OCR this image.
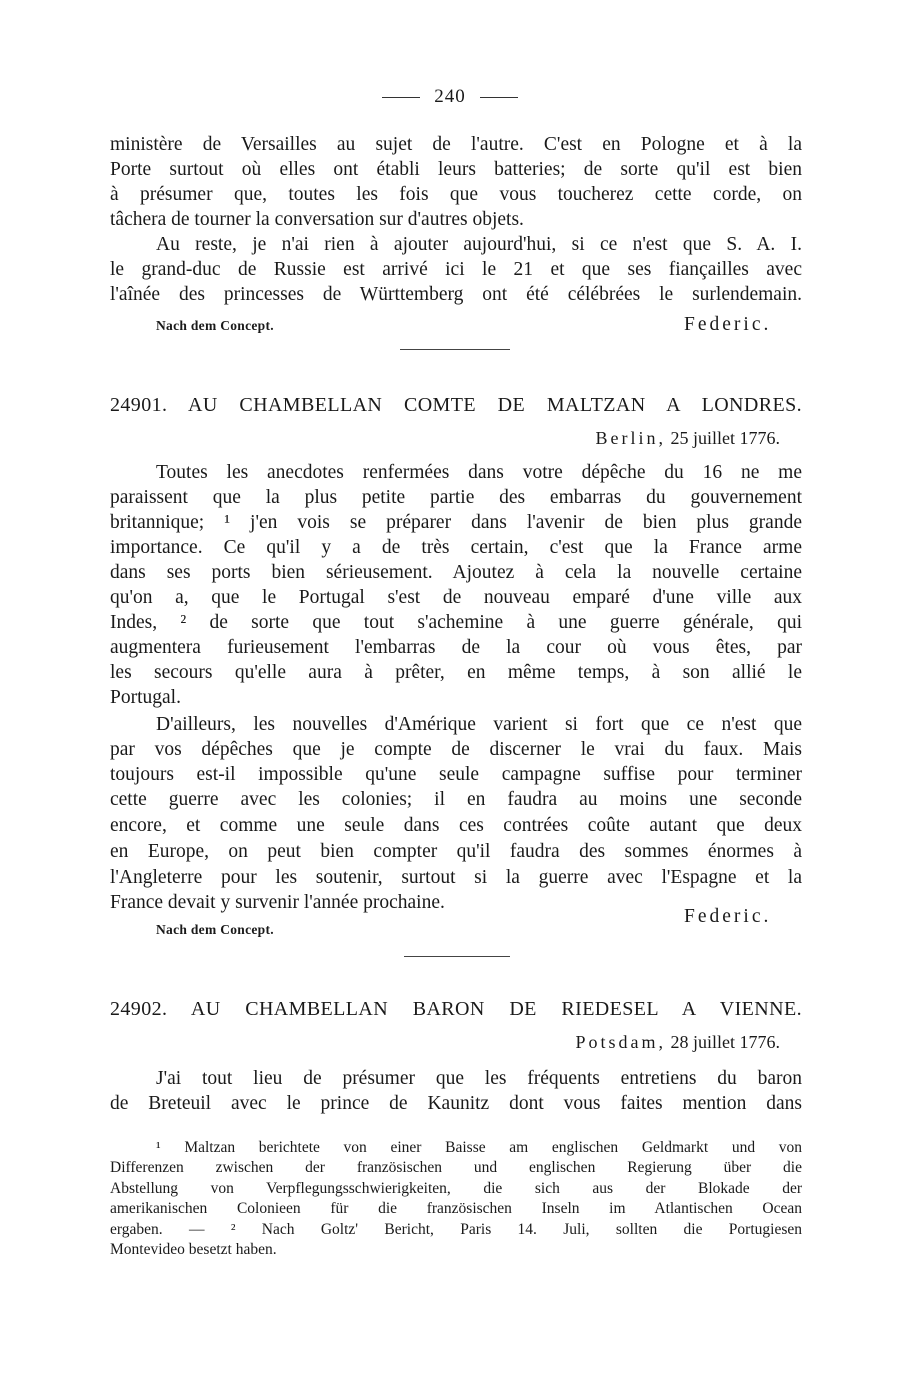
240
ministère de Versailles au sujet de l'autre. C'est en Pologne et à la
Porte surtout où elles ont établi leurs batteries; de sorte qu'il est bien
à présumer que, toutes les fois que vous toucherez cette corde, on
tâchera de tourner la conversation sur d'autres objets.
Au reste, je n'ai rien à ajouter aujourd'hui, si ce n'est que S. A. I.
le grand-duc de Russie est arrivé ici le 21 et que ses fiançailles avec
l'aînée des princesses de Württemberg ont été célébrées le surlendemain.
Nach dem Concept.	Federic.
24901. AU CHAMBELLAN COMTE DE MALTZAN A LONDRES.
Berlin, 25 juillet 1776.
Toutes les anecdotes renfermées dans votre dépêche du 16 ne me
paraissent que la plus petite partie des embarras du gouvernement
britannique; ¹ j'en vois se préparer dans l'avenir de bien plus grande
importance. Ce qu'il y a de très certain, c'est que la France arme
dans ses ports bien sérieusement. Ajoutez à cela la nouvelle certaine
qu'on a, que le Portugal s'est de nouveau emparé d'une ville aux
Indes, ² de sorte que tout s'achemine à une guerre générale, qui
augmentera furieusement l'embarras de la cour où vous êtes, par
les secours qu'elle aura à prêter, en même temps, à son allié le
Portugal.
D'ailleurs, les nouvelles d'Amérique varient si fort que ce n'est que
par vos dépêches que je compte de discerner le vrai du faux. Mais
toujours est-il impossible qu'une seule campagne suffise pour terminer
cette guerre avec les colonies; il en faudra au moins une seconde
encore, et comme une seule dans ces contrées coûte autant que deux
en Europe, on peut bien compter qu'il faudra des sommes énormes à
l'Angleterre pour les soutenir, surtout si la guerre avec l'Espagne et la
France devait y survenir l'année prochaine.
Federic.
Nach dem Concept.
24902. AU CHAMBELLAN BARON DE RIEDESEL A VIENNE.
Potsdam, 28 juillet 1776.
J'ai tout lieu de présumer que les fréquents entretiens du baron
de Breteuil avec le prince de Kaunitz dont vous faites mention dans
¹ Maltzan berichtete von einer Baisse am englischen Geldmarkt und von
Differenzen zwischen der französischen und englischen Regierung über die
Abstellung von Verpflegungsschwierigkeiten, die sich aus der Blokade der
amerikanischen Colonieen für die französischen Inseln im Atlantischen Ocean
ergaben. — ² Nach Goltz' Bericht, Paris 14. Juli, sollten die Portugiesen
Montevideo besetzt haben.
